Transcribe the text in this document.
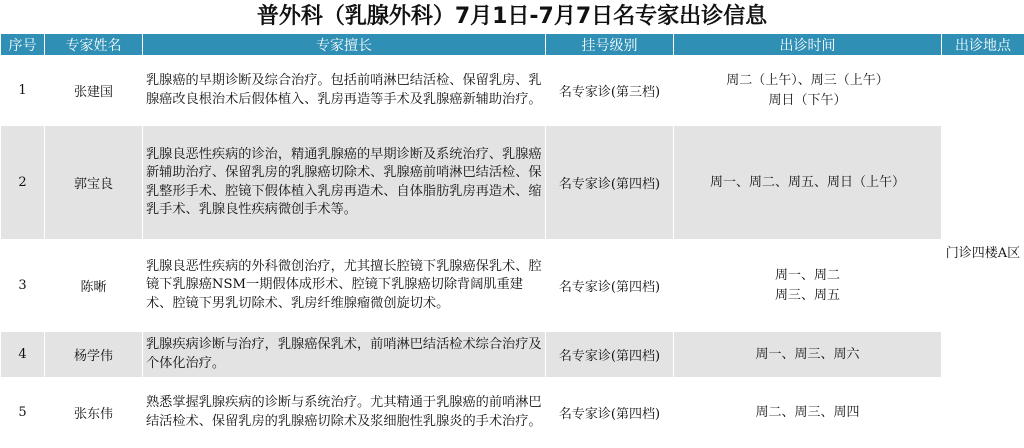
普外科（乳腺外科）7月1日-7月7日名专家出诊信息
序号	专家姓名	专家擅长	挂号级别	出诊时间	出诊地点
1	张建国	乳腺癌的早期诊断及综合治疗。包括前哨淋巴结活检、保留乳房、乳腺癌改良根治术后假体植入、乳房再造等手术及乳腺癌新辅助治疗。	名专家诊(第三档)	周二（上午）、周三（上午）
周日（下午）	门诊四楼A区
2	郭宝良	乳腺良恶性疾病的诊治，精通乳腺癌的早期诊断及系统治疗、乳腺癌新辅助治疗、保留乳房的乳腺癌切除术、乳腺癌前哨淋巴结活检、保乳整形手术、腔镜下假体植入乳房再造术、自体脂肪乳房再造术、缩乳手术、乳腺良性疾病微创手术等。	名专家诊(第四档)	周一、周二、周五、周日（上午）	

3	陈晰	乳腺良恶性疾病的外科微创治疗，尤其擅长腔镜下乳腺癌保乳术、腔镜下乳腺癌NSM一期假体成形术、腔镜下乳腺癌切除背阔肌重建术、腔镜下男乳切除术、乳房纤维腺瘤微创旋切术。	名专家诊(第四档)	周一、周二
周三、周五	

4	杨学伟	乳腺疾病诊断与治疗，乳腺癌保乳术，前哨淋巴结活检术综合治疗及个体化治疗。	名专家诊(第四档)	周一、周三、周六	

5	张东伟	熟悉掌握乳腺疾病的诊断与系统治疗。尤其精通于乳腺癌的前哨淋巴结活检术、保留乳房的乳腺癌切除术及浆细胞性乳腺炎的手术治疗。	名专家诊(第四档)	周二、周三、周四	
